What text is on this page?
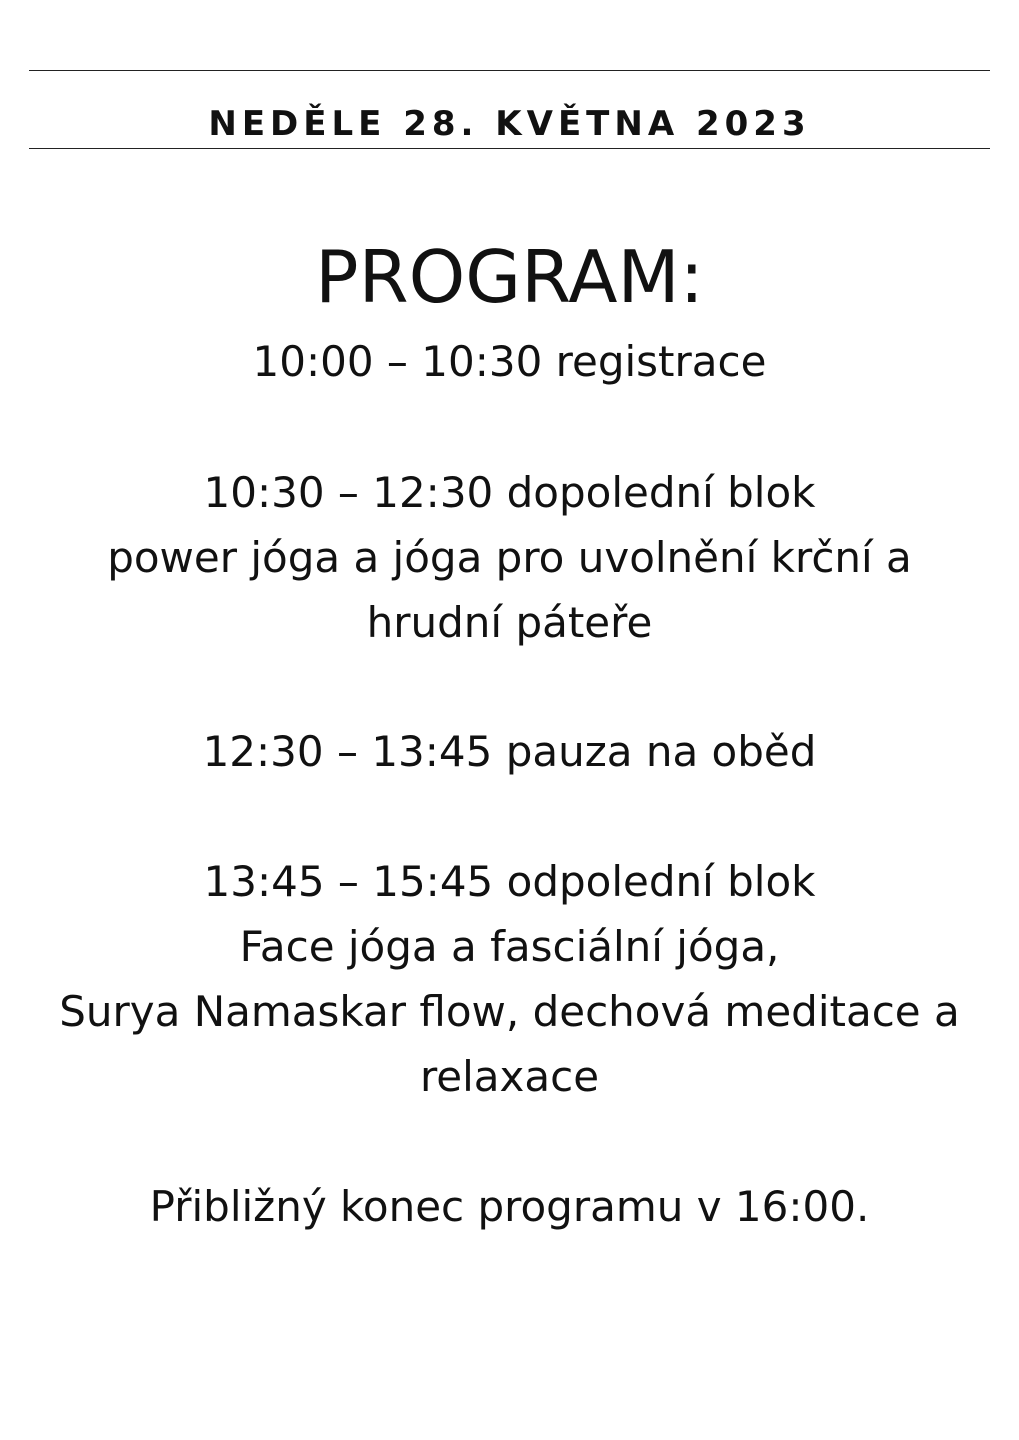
NEDĚLE 28. KVĚTNA 2023
PROGRAM:
10:00 – 10:30 registrace
10:30 – 12:30 dopolední blok
power jóga a jóga pro uvolnění krční a
hrudní páteře
12:30 – 13:45 pauza na oběd
13:45 – 15:45 odpolední blok
Face jóga a fasciální jóga,
Surya Namaskar flow, dechová meditace a
relaxace
Přibližný konec programu v 16:00.
